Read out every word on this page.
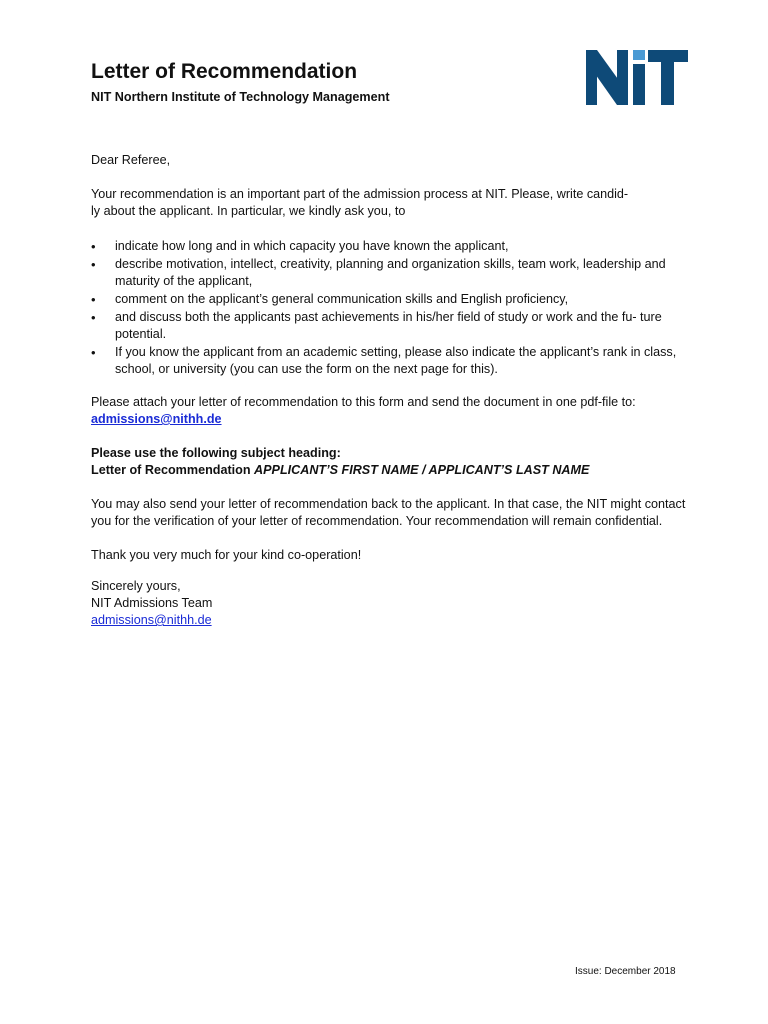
Letter of Recommendation

NIT Northern Institute of Technology Management

Dear Referee,

Your recommendation is an important part of the admission process at NIT. Please, write candid-
ly about the applicant. In particular, we kindly ask you, to

• indicate how long and in which capacity you have known the applicant,
• describe motivation, intellect, creativity, planning and organization skills, team work, leadership and maturity of the applicant,
• comment on the applicant’s general communication skills and English proficiency,
• and discuss both the applicants past achievements in his/her field of study or work and the fu- ture potential.
• If you know the applicant from an academic setting, please also indicate the applicant’s rank in class, school, or university (you can use the form on the next page for this).

Please attach your letter of recommendation to this form and send the document in one pdf-file to: admissions@nithh.de

Please use the following subject heading:
Letter of Recommendation APPLICANT’S FIRST NAME / APPLICANT’S LAST NAME

You may also send your letter of recommendation back to the applicant. In that case, the NIT might contact you for the verification of your letter of recommendation. Your recommendation will remain confidential.

Thank you very much for your kind co-operation!

Sincerely yours,
NIT Admissions Team
admissions@nithh.de

Issue: December 2018
